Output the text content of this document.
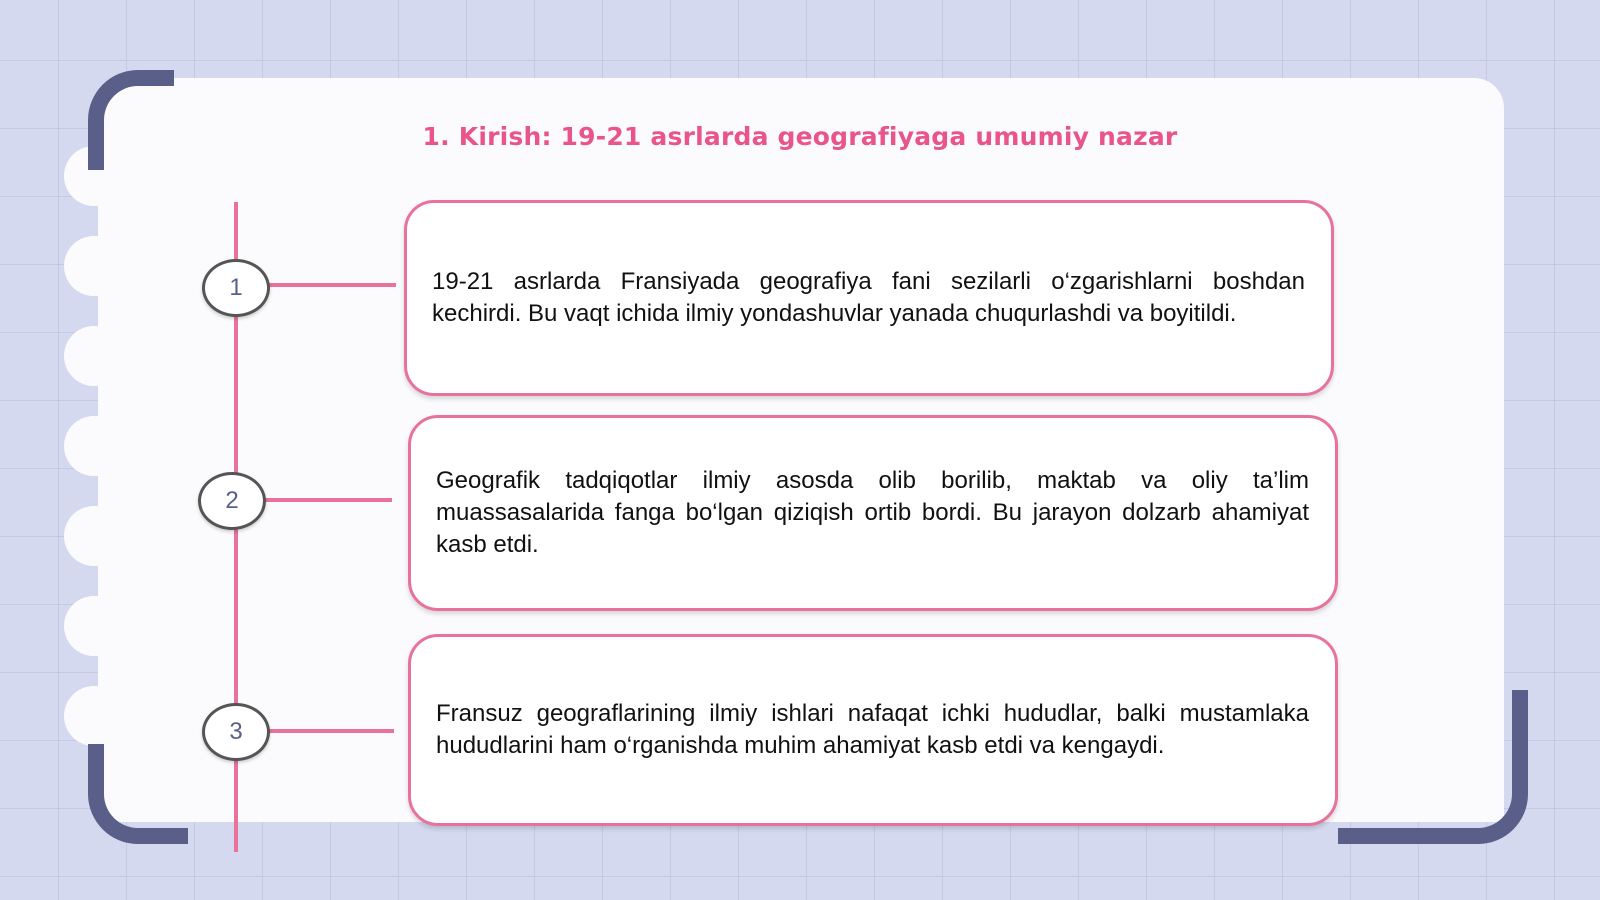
1. Kirish: 19-21 asrlarda geografiyaga umumiy nazar
1
2
3

19-21 asrlarda Fransiyada geografiya fani sezilarli o‘zgarishlarni boshdan kechirdi. Bu vaqt ichida ilmiy yondashuvlar yanada chuqurlashdi va boyitildi.

Geografik tadqiqotlar ilmiy asosda olib borilib, maktab va oliy ta’lim muassasalarida fanga bo‘lgan qiziqish ortib bordi. Bu jarayon dolzarb ahamiyat kasb etdi.

Fransuz geograflarining ilmiy ishlari nafaqat ichki hududlar, balki mustamlaka hududlarini ham o‘rganishda muhim ahamiyat kasb etdi va kengaydi.
